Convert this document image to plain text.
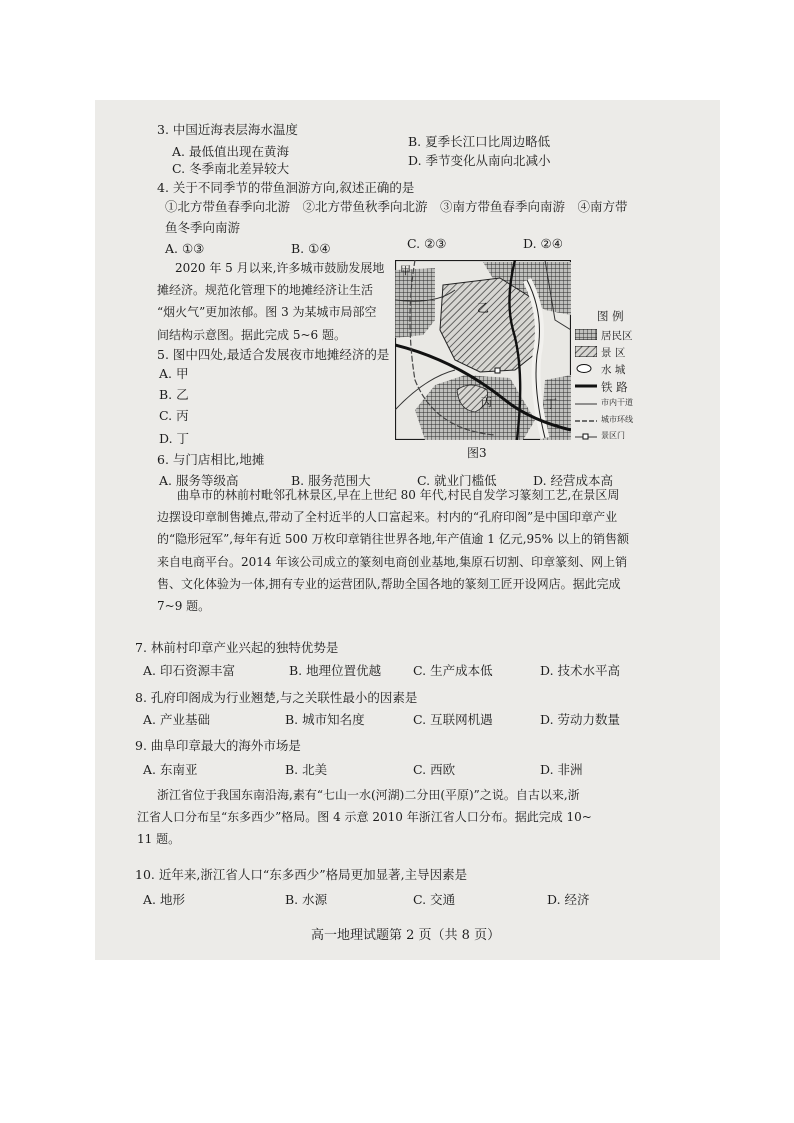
3. 中国近海表层海水温度
A. 最低值出现在黄海
B. 夏季长江口比周边略低
C. 冬季南北差异较大
D. 季节变化从南向北减小
4. 关于不同季节的带鱼洄游方向,叙述正确的是
①北方带鱼春季向北游　②北方带鱼秋季向北游　③南方带鱼春季向南游　④南方带
鱼冬季向南游
A. ①③	B. ①④	C. ②③	D. ②④
2020 年 5 月以来,许多城市鼓励发展地
摊经济。规范化管理下的地摊经济让生活
“烟火气”更加浓郁。图 3 为某城市局部空
间结构示意图。据此完成 5~6 题。
5. 图中四处,最适合发展夜市地摊经济的是
A. 甲
B. 乙
C. 丙
D. 丁
甲
乙
丙	丁
图3
图 例
居民区
景 区
水 城
铁 路
市内干道
城市环线
景区门
6. 与门店相比,地摊
A. 服务等级高	B. 服务范围大	C. 就业门槛低	D. 经营成本高
曲阜市的林前村毗邻孔林景区,早在上世纪 80 年代,村民自发学习篆刻工艺,在景区周
边摆设印章制售摊点,带动了全村近半的人口富起来。村内的“孔府印阁”是中国印章产业
的“隐形冠军”,每年有近 500 万枚印章销往世界各地,年产值逾 1 亿元,95% 以上的销售额
来自电商平台。2014 年该公司成立的篆刻电商创业基地,集原石切割、印章篆刻、网上销
售、文化体验为一体,拥有专业的运营团队,帮助全国各地的篆刻工匠开设网店。据此完成
7~9 题。
7. 林前村印章产业兴起的独特优势是
A. 印石资源丰富	B. 地理位置优越	C. 生产成本低	D. 技术水平高
8. 孔府印阁成为行业翘楚,与之关联性最小的因素是
A. 产业基础	B. 城市知名度	C. 互联网机遇	D. 劳动力数量
9. 曲阜印章最大的海外市场是
A. 东南亚	B. 北美	C. 西欧	D. 非洲
浙江省位于我国东南沿海,素有“七山一水(河湖)二分田(平原)”之说。自古以来,浙
江省人口分布呈“东多西少”格局。图 4 示意 2010 年浙江省人口分布。据此完成 10~
11 题。
10. 近年来,浙江省人口“东多西少”格局更加显著,主导因素是
A. 地形	B. 水源	C. 交通	D. 经济
高一地理试题第 2 页（共 8 页）
